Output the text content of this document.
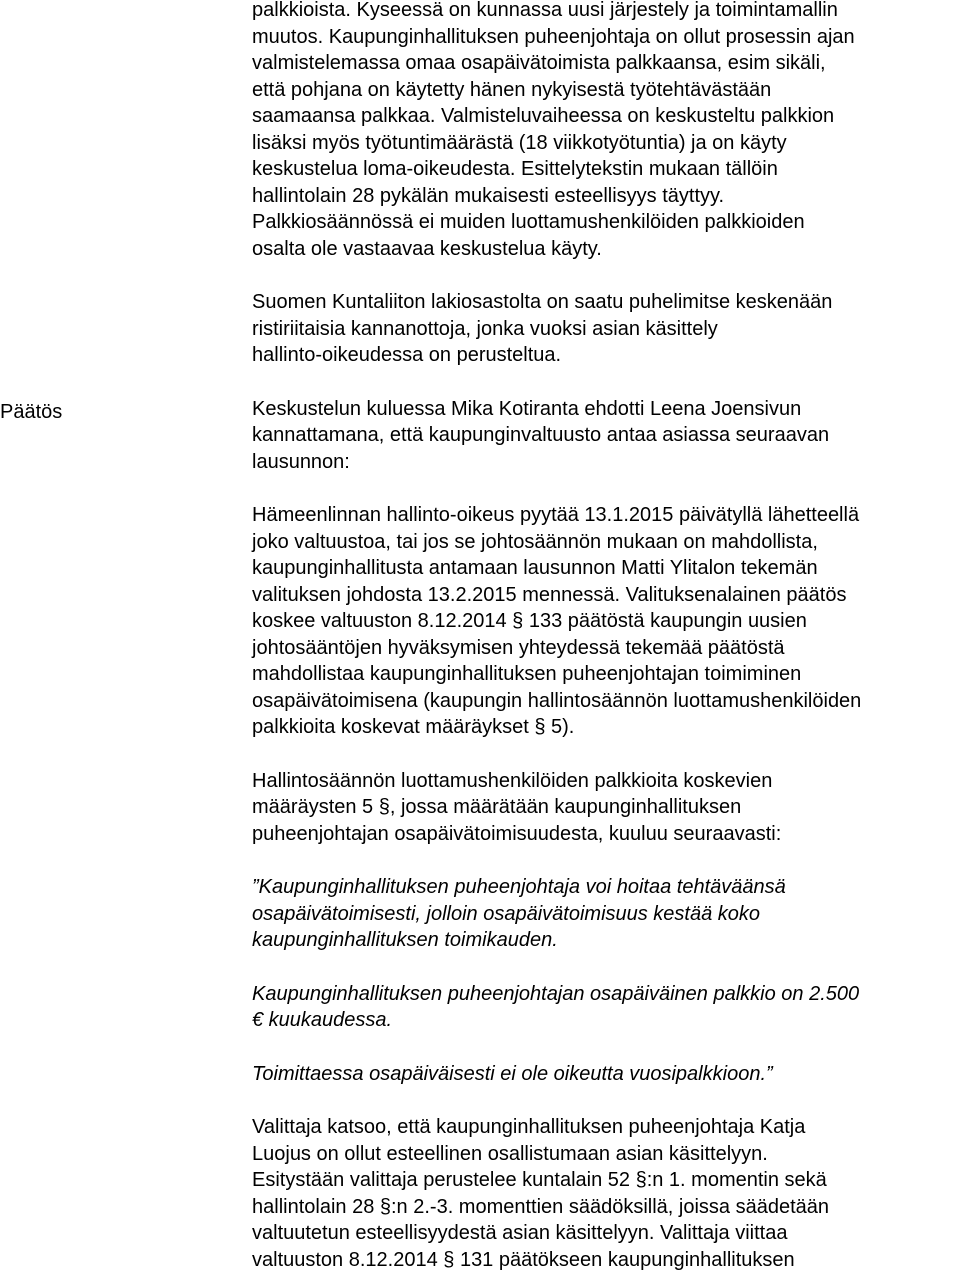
Päätös
palkkioista. Kyseessä on kunnassa uusi järjestely ja toimintamallin
muutos. Kaupunginhallituksen puheenjohtaja on ollut prosessin ajan
valmistelemassa omaa osapäivätoimista palkkaansa, esim sikäli,
että pohjana on käytetty hänen nykyisestä työtehtävästään
saamaansa palkkaa. Valmisteluvaiheessa on keskusteltu palkkion
lisäksi myös työtuntimäärästä (18 viikkotyötuntia) ja on käyty
keskustelua loma-oikeudesta. Esittelytekstin mukaan tällöin
hallintolain 28 pykälän mukaisesti esteellisyys täyttyy.
Palkkiosäännössä ei muiden luottamushenkilöiden palkkioiden
osalta ole vastaavaa keskustelua käyty.
Suomen Kuntaliiton lakiosastolta on saatu puhelimitse keskenään
ristiriitaisia kannanottoja, jonka vuoksi asian käsittely
hallinto-oikeudessa on perusteltua.
Keskustelun kuluessa Mika Kotiranta ehdotti Leena Joensivun
kannattamana, että kaupunginvaltuusto antaa asiassa seuraavan
lausunnon:
Hämeenlinnan hallinto-oikeus pyytää 13.1.2015 päivätyllä lähetteellä
joko valtuustoa, tai jos se johtosäännön mukaan on mahdollista,
kaupunginhallitusta antamaan lausunnon Matti Ylitalon tekemän
valituksen johdosta 13.2.2015 mennessä. Valituksenalainen päätös
koskee valtuuston 8.12.2014 § 133 päätöstä kaupungin uusien
johtosääntöjen hyväksymisen yhteydessä tekemää päätöstä
mahdollistaa kaupunginhallituksen puheenjohtajan toimiminen
osapäivätoimisena (kaupungin hallintosäännön luottamushenkilöiden
palkkioita koskevat määräykset § 5).
Hallintosäännön luottamushenkilöiden palkkioita koskevien
määräysten 5 §, jossa määrätään kaupunginhallituksen
puheenjohtajan osapäivätoimisuudesta, kuuluu seuraavasti:
”Kaupunginhallituksen puheenjohtaja voi hoitaa tehtäväänsä
osapäivätoimisesti, jolloin osapäivätoimisuus kestää koko
kaupunginhallituksen toimikauden.
Kaupunginhallituksen puheenjohtajan osapäiväinen palkkio on 2.500
€ kuukaudessa.
Toimittaessa osapäiväisesti ei ole oikeutta vuosipalkkioon.”
Valittaja katsoo, että kaupunginhallituksen puheenjohtaja Katja
Luojus on ollut esteellinen osallistumaan asian käsittelyyn.
Esitystään valittaja perustelee kuntalain 52 §:n 1. momentin sekä
hallintolain 28 §:n 2.-3. momenttien säädöksillä, joissa säädetään
valtuutetun esteellisyydestä asian käsittelyyn. Valittaja viittaa
valtuuston 8.12.2014 § 131 päätökseen kaupunginhallituksen
